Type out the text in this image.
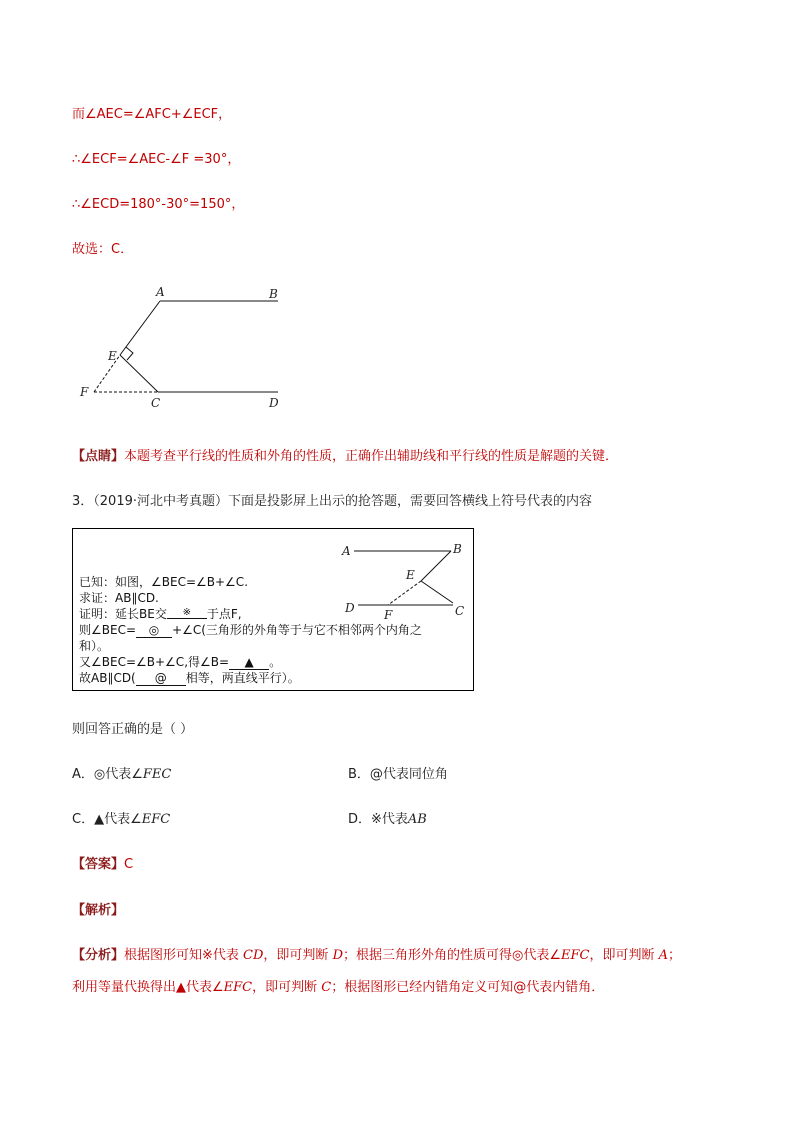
而∠AEC=∠AFC+∠ECF，
∴∠ECF=∠AEC-∠F =30°，
∴∠ECD=180°-30°=150°，
故选：C．
A	B
E
F
C	D
【点睛】本题考查平行线的性质和外角的性质，正确作出辅助线和平行线的性质是解题的关键．
3．（2019·河北中考真题）下面是投影屏上出示的抢答题，需要回答横线上符号代表的内容
已知：如图，∠BEC=∠B+∠C.
求证：AB∥CD.
证明：延长BE交 ※ 于点F,
则∠BEC= ◎ +∠C(三角形的外角等于与它不相邻两个内角之
和）。
又∠BEC=∠B+∠C,得∠B= ▲ 。
故AB∥CD( @ 相等，两直线平行）。
A	B
E
D F	C
则回答正确的是（ ）
A．◎代表∠FEC	B．@代表同位角
C．▲代表∠EFC	D．※代表AB
【答案】C
【解析】
【分析】根据图形可知※代表 CD，即可判断 D；根据三角形外角的性质可得◎代表∠EFC，即可判断 A；
利用等量代换得出▲代表∠EFC，即可判断 C；根据图形已经内错角定义可知@代表内错角．
